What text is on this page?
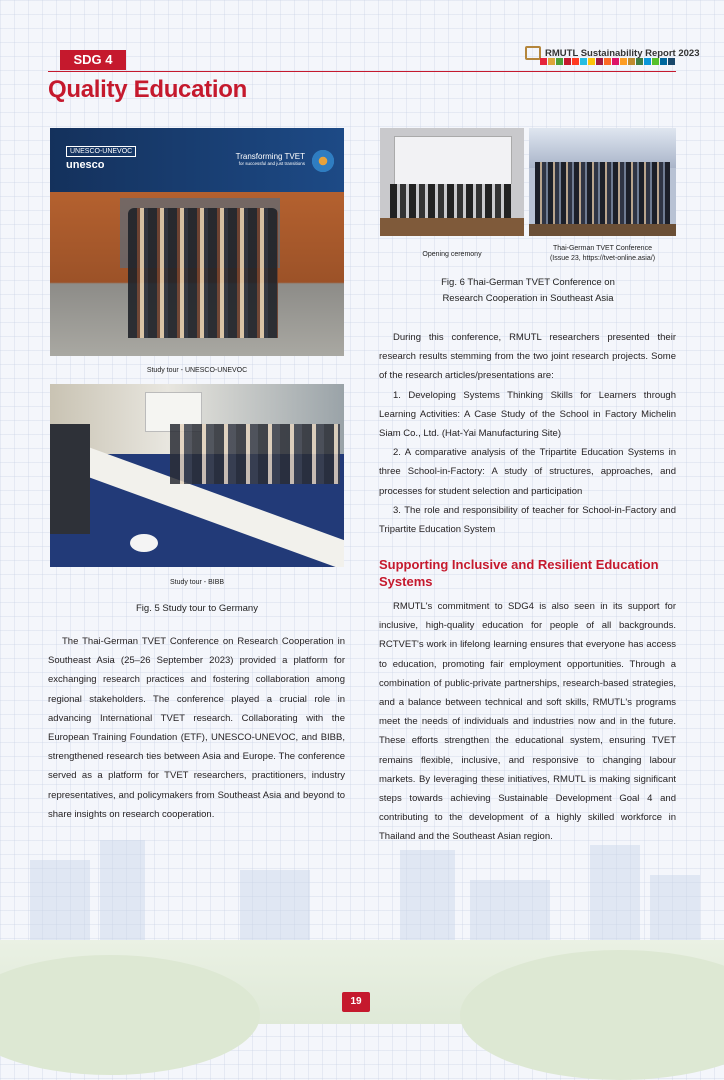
SDG 4
Quality Education
RMUTL Sustainability Report 2023
UNESCO-UNEVOC
unesco
Transforming TVET
for successful and just transitions
Study tour - UNESCO-UNEVOC
Study tour - BIBB
Fig. 5 Study tour to Germany

The Thai-German TVET Conference on Research Cooperation in Southeast Asia (25–26 September 2023) provided a platform for exchanging research practices and fostering collaboration among regional stakeholders. The conference played a crucial role in advancing International TVET research. Collaborating with the European Training Foundation (ETF), UNESCO-UNEVOC, and BIBB, strengthened research ties between Asia and Europe. The conference served as a platform for TVET researchers, practitioners, industry representatives, and policymakers from Southeast Asia and beyond to share insights on research cooperation.

Opening ceremony
Thai-German TVET Conference
(Issue 23, https://tvet-online.asia/)
Fig. 6 Thai-German TVET Conference on
Research Cooperation in Southeast Asia

During this conference, RMUTL researchers presented their research results stemming from the two joint research projects. Some of the research articles/presentations are:

1. Developing Systems Thinking Skills for Learners through Learning Activities: A Case Study of the School in Factory Michelin Siam Co., Ltd. (Hat-Yai Manufacturing Site)

2. A comparative analysis of the Tripartite Education Systems in three School-in-Factory: A study of structures, approaches, and processes for student selection and participation

3. The role and responsibility of teacher for School-in-Factory and Tripartite Education System

Supporting Inclusive and Resilient Education
Systems

RMUTL's commitment to SDG4 is also seen in its support for inclusive, high-quality education for people of all backgrounds. RCTVET's work in lifelong learning ensures that everyone has access to education, promoting fair employment opportunities. Through a combination of public-private partnerships, research-based strategies, and a balance between technical and soft skills, RMUTL's programs meet the needs of individuals and industries now and in the future. These efforts strengthen the educational system, ensuring TVET remains flexible, inclusive, and responsive to changing labour markets. By leveraging these initiatives, RMUTL is making significant steps towards achieving Sustainable Development Goal 4 and contributing to the development of a highly skilled workforce in Thailand and the Southeast Asian region.

19
